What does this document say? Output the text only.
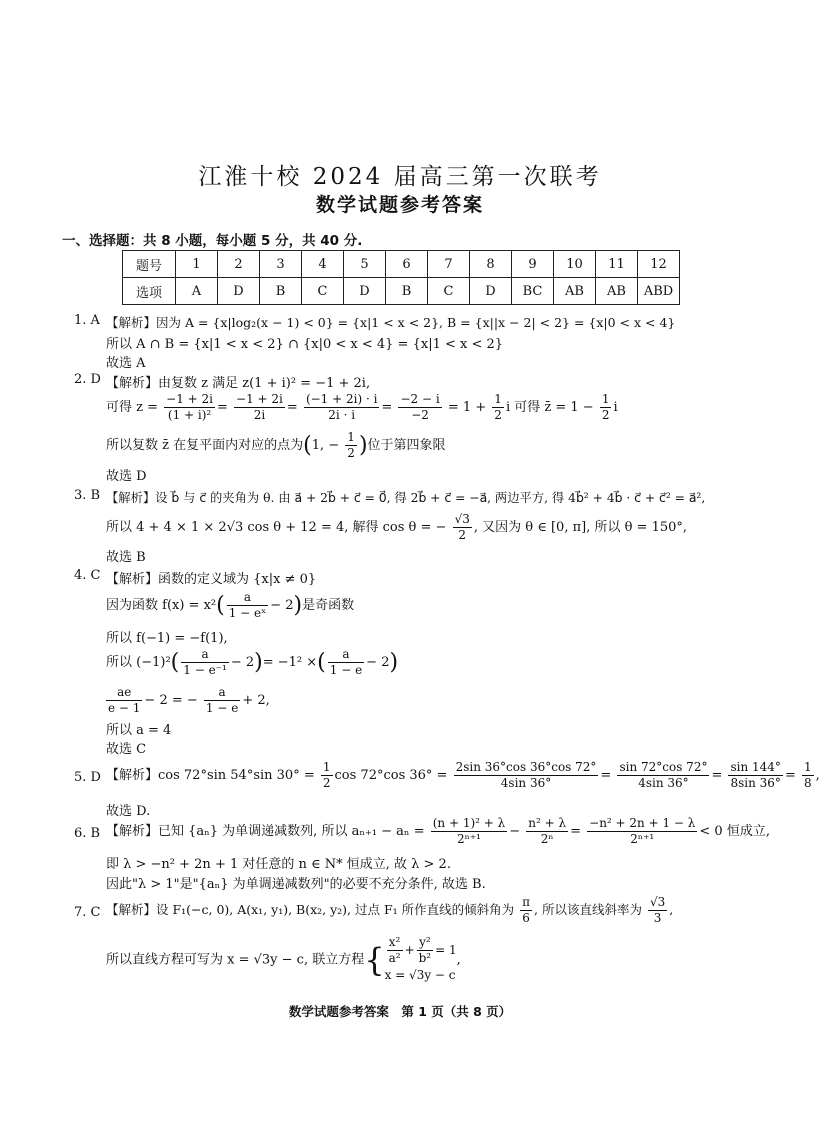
江淮十校 2024 届高三第一次联考
数学试题参考答案
一、选择题：共 8 小题，每小题 5 分，共 40 分.
题号	1	2	3	4	5	6	7	8	9	10	11	12
选项	A	D	B	C	D	B	C	D	BC	AB	AB	ABD
1. A 【解析】因为 A = {x|log₂(x − 1) < 0} = {x|1 < x < 2}, B = {x||x − 2| < 2} = {x|0 < x < 4}
所以 A ∩ B = {x|1 < x < 2} ∩ {x|0 < x < 4} = {x|1 < x < 2}
故选 A
2. D 【解析】由复数 z 满足 z(1 + i)² = −1 + 2i,
可得 $z = \frac{-1 + 2i}{\text{(1 + i)²}} = \frac{-1 + 2i}{2i} = \frac{(-1 + 2i) \cdot i}{2i \cdot i} = \frac{-2 - i}{-2} = 1 + \frac{1}{2}$ i 可得 z̄ = $1 - \frac{1}{2}$ i
所以复数 z̄ 在复平面内对应的点为(1, − $\frac{1}{2}$ )位于第四象限
故选 D
3. B 【解析】设 b⃗ 与 c⃗ 的夹角为 θ. 由 a⃗ + 2b⃗ + c⃗ = 0⃗, 得 2b⃗ + c⃗ = −a⃗, 两边平方, 得 4b⃗² + 4b⃗ · c⃗ + c⃗² = a⃗²,
所以 4 + 4 × 1 × 2√3 cos θ + 12 = 4, 解得 cos θ = − $\frac{√3}{2}$ , 又因为 θ ∈ [0, π], 所以 θ = 150°,
故选 B
4. C 【解析】函数的定义域为 {x|x ≠ 0}
因为函数 $f(x) = x^2( \frac{a}{\text{1 − eˣ}} - 2)$是奇函数
所以 f(−1) = −f(1),
所以 $(-1)^2( \frac{a}{\text{1 − e⁻¹}} - 2)= -1^2$ ×( $\frac{a}{1 - e} - 2$)
$\frac{ae}{e - 1} - 2$ = − $\frac{a}{1 - e} + 2$,
所以 a = 4
故选 C
5. D 【解析】cos 72°sin 54°sin $30^\circ = \frac{1}{2}$ cos 72°cos $36^\circ = \frac{2\sin 36^\circ\cos 36^\circ\cos 72^\circ}{4\sin 36^\circ} = \frac{\sin 72^\circ\cos 72^\circ}{4\sin 36^\circ} = \frac{\sin 144^\circ}{8\sin 36^\circ} = \frac{1}{8}$ ,
故选 D.
6. B 【解析】已知 {aₙ} 为单调递减数列, 所以 $a_{n+1} - a_n = \frac{\text{(n + 1)² + λ}}{\text{2ⁿ⁺¹}} - \frac{\text{n² + λ}}{\text{2ⁿ}} = \frac{\text{−n² + 2n + 1 − λ}}{\text{2ⁿ⁺¹}} < 0$ 恒成立,
即 λ > −n² + 2n + 1 对任意的 n ∈ N* 恒成立, 故 λ > 2.
因此"λ > 1"是"{aₙ} 为单调递减数列"的必要不充分条件, 故选 B.
7. C 【解析】设 F₁(−c, 0), A(x₁, y₁), B(x₂, y₂), 过点 F₁ 所作直线的倾斜角为 $\frac{\pi}{6}$ , 所以该直线斜率为 $\frac{√3}{3}$ ,
所以直线方程可写为 x = √3y − c, 联立方程{ $\frac{\text{x²}}{\text{a²}} + \frac{\text{y²}}{\text{b²}} = 1$
x = √3y − c
,
数学试题参考答案　第 1 页（共 8 页）
